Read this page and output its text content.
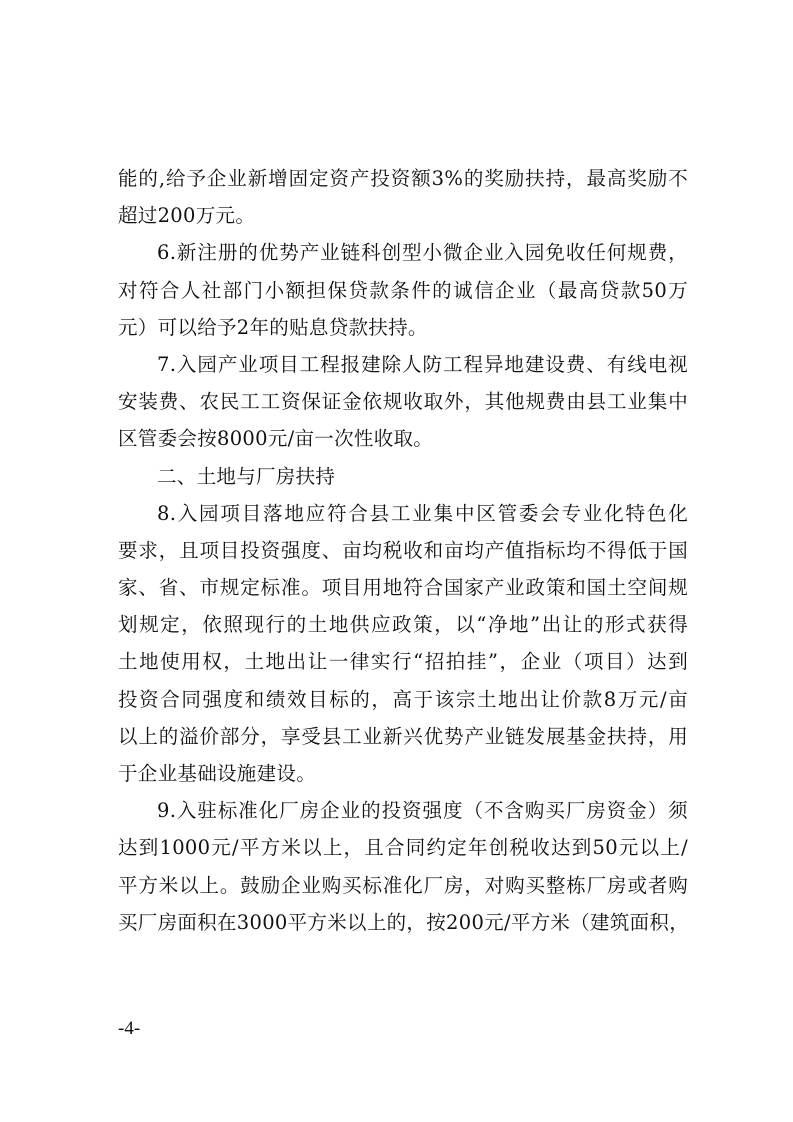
能的,给予企业新增固定资产投资额3%的奖励扶持，最高奖励不
超过200万元。
6.新注册的优势产业链科创型小微企业入园免收任何规费，
对符合人社部门小额担保贷款条件的诚信企业（最高贷款50万
元）可以给予2年的贴息贷款扶持。
7.入园产业项目工程报建除人防工程异地建设费、有线电视
安装费、农民工工资保证金依规收取外，其他规费由县工业集中
区管委会按8000元/亩一次性收取。
二、土地与厂房扶持
8.入园项目落地应符合县工业集中区管委会专业化特色化
要求，且项目投资强度、亩均税收和亩均产值指标均不得低于国
家、省、市规定标准。项目用地符合国家产业政策和国土空间规
划规定，依照现行的土地供应政策，以“净地”出让的形式获得
土地使用权，土地出让一律实行“招拍挂”，企业（项目）达到
投资合同强度和绩效目标的，高于该宗土地出让价款8万元/亩
以上的溢价部分，享受县工业新兴优势产业链发展基金扶持，用
于企业基础设施建设。
9.入驻标准化厂房企业的投资强度（不含购买厂房资金）须
达到1000元/平方米以上，且合同约定年创税收达到50元以上/
平方米以上。鼓励企业购买标准化厂房，对购买整栋厂房或者购
买厂房面积在3000平方米以上的，按200元/平方米（建筑面积，
-4-
